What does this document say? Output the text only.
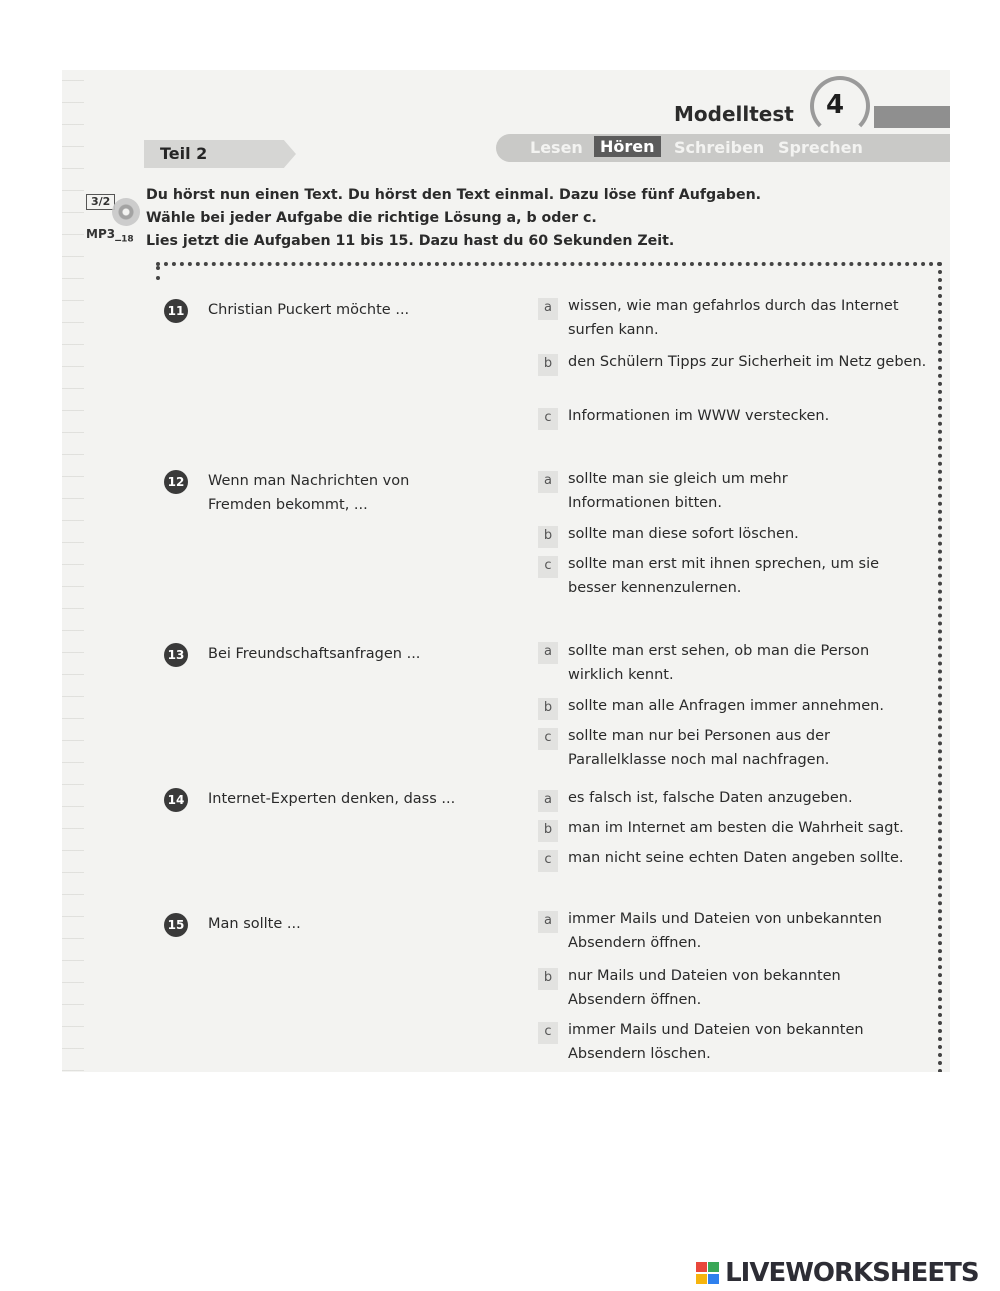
Modelltest 4
Teil 2	Lesen	Hören	Schreiben Sprechen
3/2
$MP3\__{18}$
Du hörst nun einen Text. Du hörst den Text einmal. Dazu löse fünf Aufgaben.
Wähle bei jeder Aufgabe die richtige Lösung a, b oder c.
Lies jetzt die Aufgaben 11 bis 15. Dazu hast du 60 Sekunden Zeit.
11 Christian Puckert möchte ...	a	wissen, wie man gefahrlos durch das Internet surfen kann.
b	den Schülern Tipps zur Sicherheit im Netz geben.
c	Informationen im WWW verstecken.
12 Wenn man Nachrichten von Fremden bekommt, ...
a	sollte man sie gleich um mehr Informationen bitten.
b	sollte man diese sofort löschen.
c	sollte man erst mit ihnen sprechen, um sie besser kennenzulernen.
13 Bei Freundschaftsanfragen ...	a	sollte man erst sehen, ob man die Person wirklich kennt.
b	sollte man alle Anfragen immer annehmen.
c	sollte man nur bei Personen aus der Parallelklasse noch mal nachfragen.
14 Internet-Experten denken, dass ...	a	es falsch ist, falsche Daten anzugeben.
b	man im Internet am besten die Wahrheit sagt.
c	man nicht seine echten Daten angeben sollte.
15 Man sollte ...	a	immer Mails und Dateien von unbekannten Absendern öffnen.
b	nur Mails und Dateien von bekannten Absendern öffnen.
c	immer Mails und Dateien von bekannten Absendern löschen.
LIVEWORKSHEETS
